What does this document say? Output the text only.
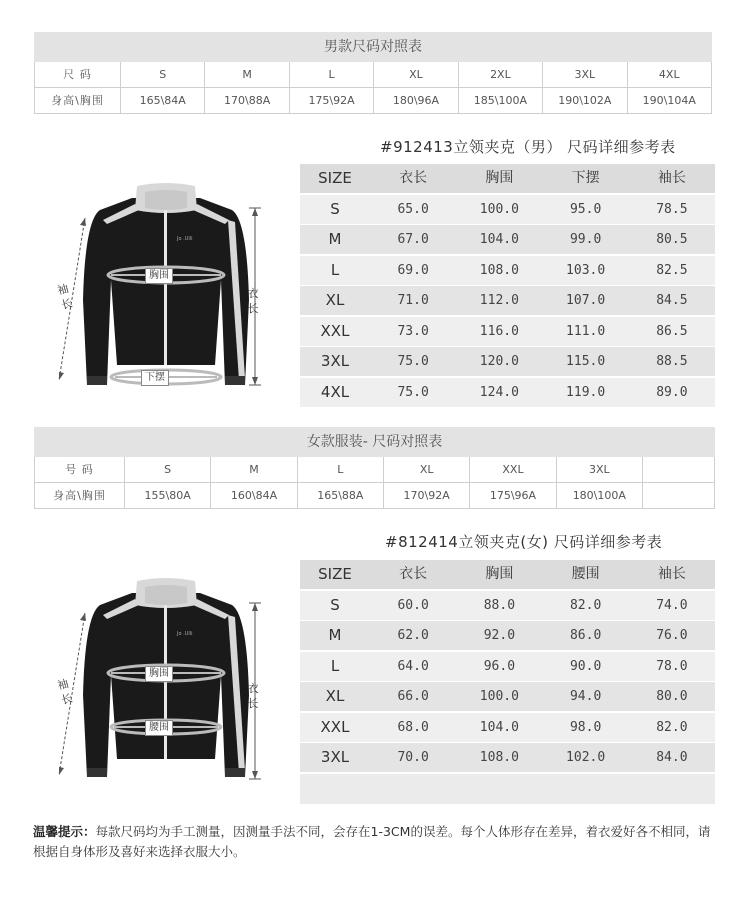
男款尺码对照表
尺 码	S	M	L	XL	2XL	3XL	4XL
身高\胸围	165\84A	170\88A	175\92A	180\96A	185\100A	190\102A	190\104A
#912413立领夹克（男） 尺码详细参考表
SIZE	衣长	胸围	下摆	袖长
S	65.0	100.0	95.0	78.5
M	67.0	104.0	99.0	80.5
L	69.0	108.0	103.0	82.5
XL	71.0	112.0	107.0	84.5
XXL	73.0	116.0	111.0	86.5
3XL	75.0	120.0	115.0	88.5
4XL	75.0	124.0	119.0	89.0
Jo .Ulli
胸围
下摆
衣长
袖长
女款服装- 尺码对照表
号 码	S	M	L	XL	XXL	3XL
身高\胸围	155\80A	160\84A	165\88A	170\92A	175\96A	180\100A
#812414立领夹克(女) 尺码详细参考表
SIZE	衣长	胸围	腰围	袖长
S	60.0	88.0	82.0	74.0
M	62.0	92.0	86.0	76.0
L	64.0	96.0	90.0	78.0
XL	66.0	100.0	94.0	80.0
XXL	68.0	104.0	98.0	82.0
3XL	70.0	108.0	102.0	84.0
Jo .Ulli
胸围
腰围
衣长
袖长
温馨提示：每款尺码均为手工测量，因测量手法不同，会存在1-3CM的误差。每个人体形存在差异，着衣爱好各不相同，请根据自身体形及喜好来选择衣服大小。
